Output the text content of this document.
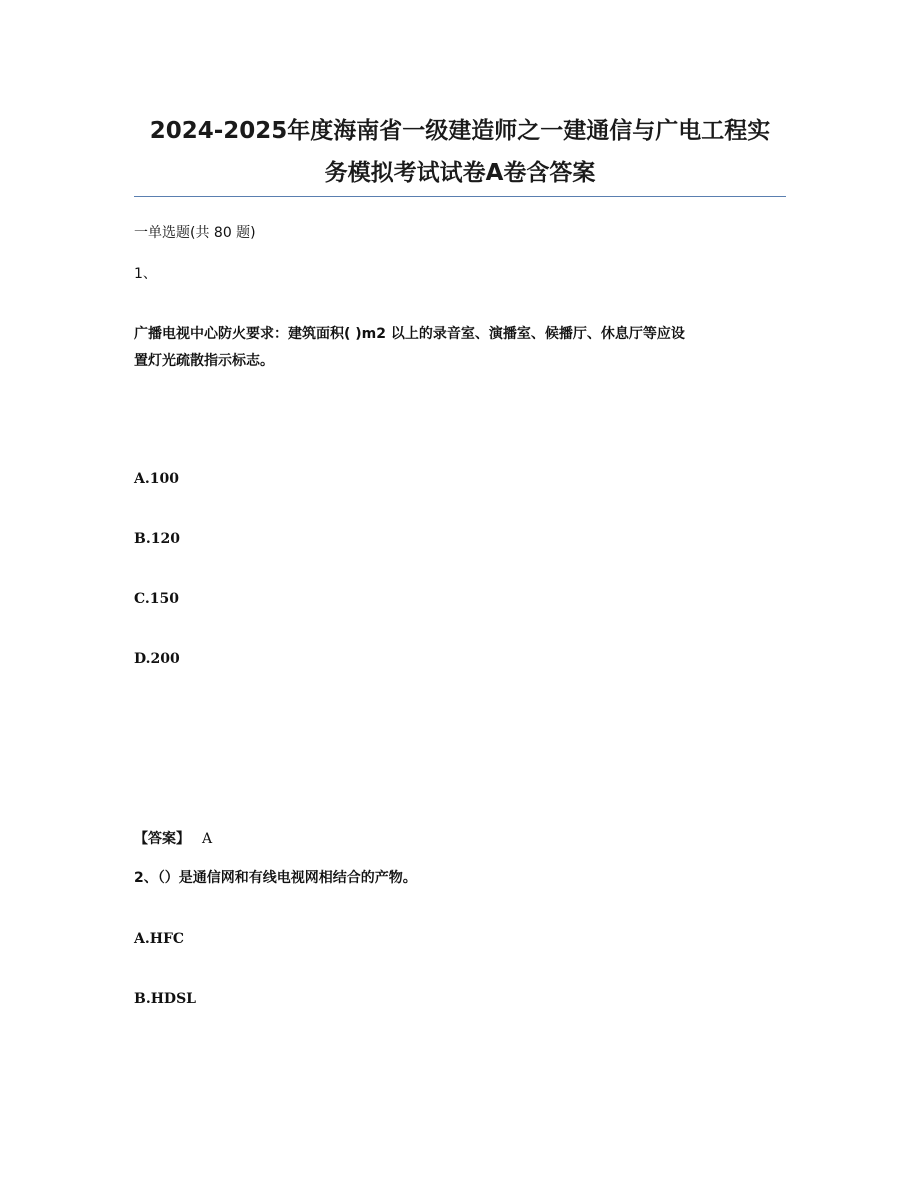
2024-2025年度海南省一级建造师之一建通信与广电工程实
务模拟考试试卷A卷含答案
一单选题(共 80 题)
1、
广播电视中心防火要求：建筑面积( )m2 以上的录音室、演播室、候播厅、休息厅等应设
置灯光疏散指示标志。
A.100
B.120
C.150
D.200
【答案】 A
2、（）是通信网和有线电视网相结合的产物。
A.HFC
B.HDSL
